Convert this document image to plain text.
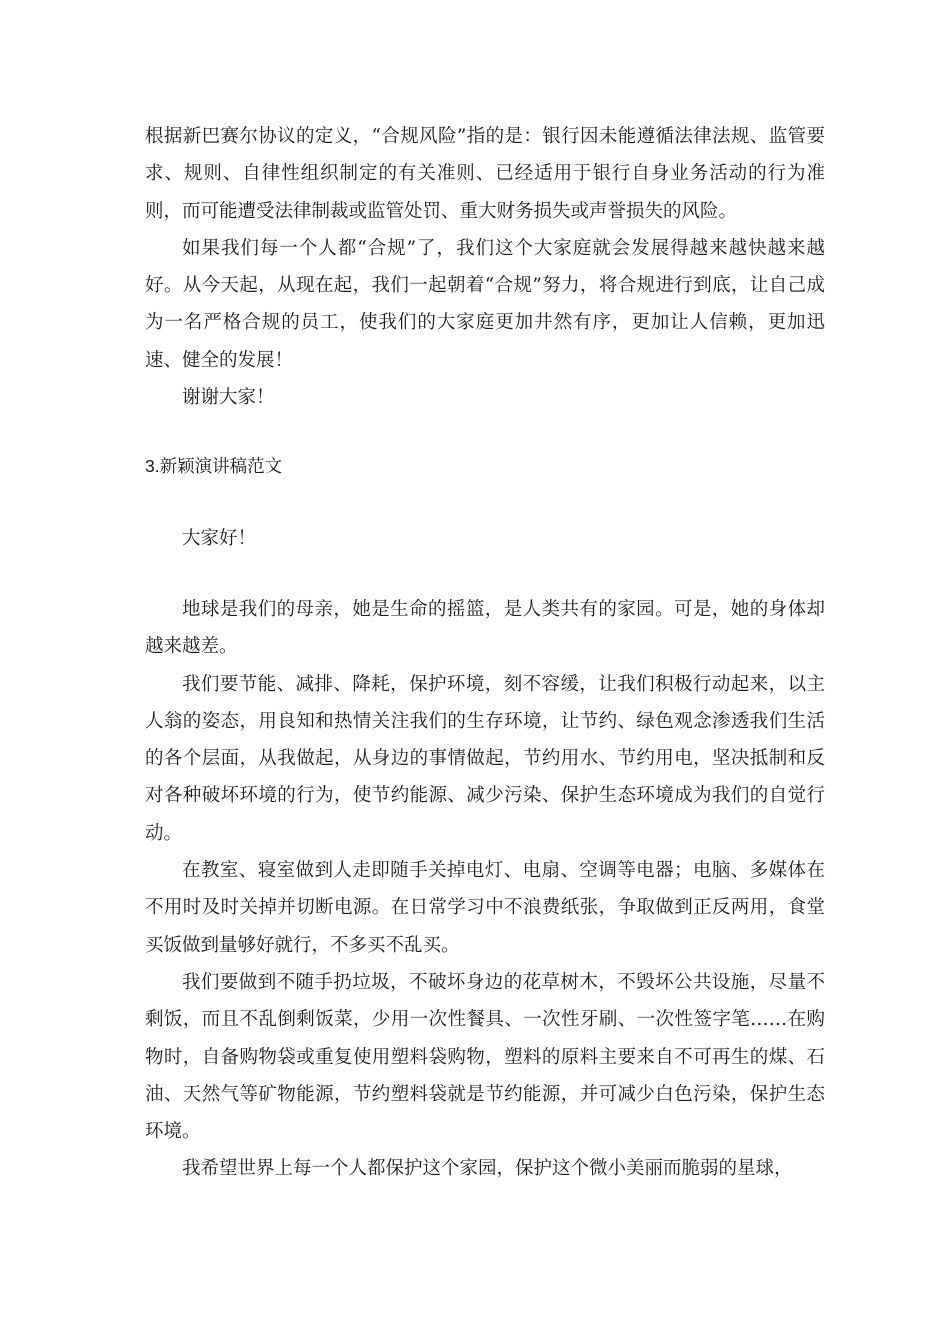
根据新巴赛尔协议的定义，“合规风险”指的是：银行因未能遵循法律法规、监管要求、规则、自律性组织制定的有关准则、已经适用于银行自身业务活动的行为准则，而可能遭受法律制裁或监管处罚、重大财务损失或声誉损失的风险。

如果我们每一个人都“合规”了，我们这个大家庭就会发展得越来越快越来越好。从今天起，从现在起，我们一起朝着“合规”努力，将合规进行到底，让自己成为一名严格合规的员工，使我们的大家庭更加井然有序，更加让人信赖，更加迅速、健全的发展！

谢谢大家！

3.新颖演讲稿范文

大家好！

地球是我们的母亲，她是生命的摇篮，是人类共有的家园。可是，她的身体却越来越差。

我们要节能、减排、降耗，保护环境，刻不容缓，让我们积极行动起来，以主人翁的姿态，用良知和热情关注我们的生存环境，让节约、绿色观念渗透我们生活的各个层面，从我做起，从身边的事情做起，节约用水、节约用电，坚决抵制和反对各种破坏环境的行为，使节约能源、减少污染、保护生态环境成为我们的自觉行动。

在教室、寝室做到人走即随手关掉电灯、电扇、空调等电器；电脑、多媒体在不用时及时关掉并切断电源。在日常学习中不浪费纸张，争取做到正反两用，食堂买饭做到量够好就行，不多买不乱买。

我们要做到不随手扔垃圾，不破坏身边的花草树木，不毁坏公共设施，尽量不剩饭，而且不乱倒剩饭菜，少用一次性餐具、一次性牙刷、一次性签字笔……在购物时，自备购物袋或重复使用塑料袋购物，塑料的原料主要来自不可再生的煤、石油、天然气等矿物能源，节约塑料袋就是节约能源，并可减少白色污染，保护生态环境。

我希望世界上每一个人都保护这个家园，保护这个微小美丽而脆弱的星球，
